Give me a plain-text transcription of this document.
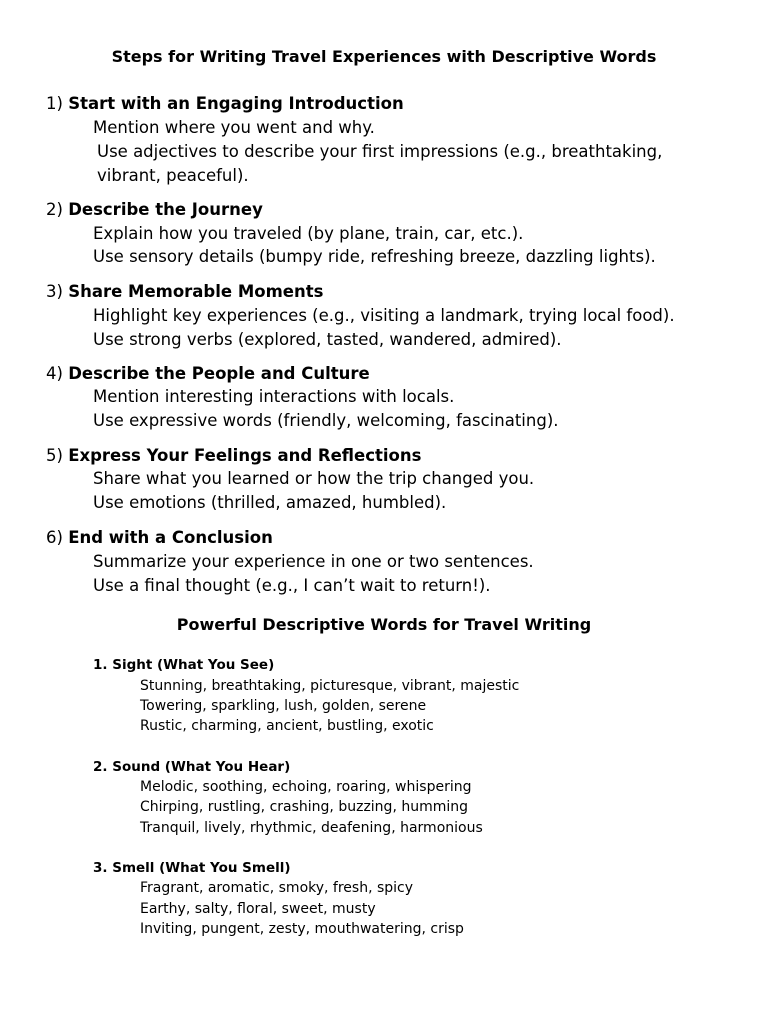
Steps for Writing Travel Experiences with Descriptive Words
1) Start with an Engaging Introduction
Mention where you went and why.
Use adjectives to describe your first impressions (e.g., breathtaking,
vibrant, peaceful).
2) Describe the Journey
Explain how you traveled (by plane, train, car, etc.).
Use sensory details (bumpy ride, refreshing breeze, dazzling lights).
3) Share Memorable Moments
Highlight key experiences (e.g., visiting a landmark, trying local food).
Use strong verbs (explored, tasted, wandered, admired).
4) Describe the People and Culture
Mention interesting interactions with locals.
Use expressive words (friendly, welcoming, fascinating).
5) Express Your Feelings and Reflections
Share what you learned or how the trip changed you.
Use emotions (thrilled, amazed, humbled).
6) End with a Conclusion
Summarize your experience in one or two sentences.
Use a final thought (e.g., I can’t wait to return!).
Powerful Descriptive Words for Travel Writing
1. Sight (What You See)
Stunning, breathtaking, picturesque, vibrant, majestic
Towering, sparkling, lush, golden, serene
Rustic, charming, ancient, bustling, exotic
2. Sound (What You Hear)
Melodic, soothing, echoing, roaring, whispering
Chirping, rustling, crashing, buzzing, humming
Tranquil, lively, rhythmic, deafening, harmonious
3. Smell (What You Smell)
Fragrant, aromatic, smoky, fresh, spicy
Earthy, salty, floral, sweet, musty
Inviting, pungent, zesty, mouthwatering, crisp
